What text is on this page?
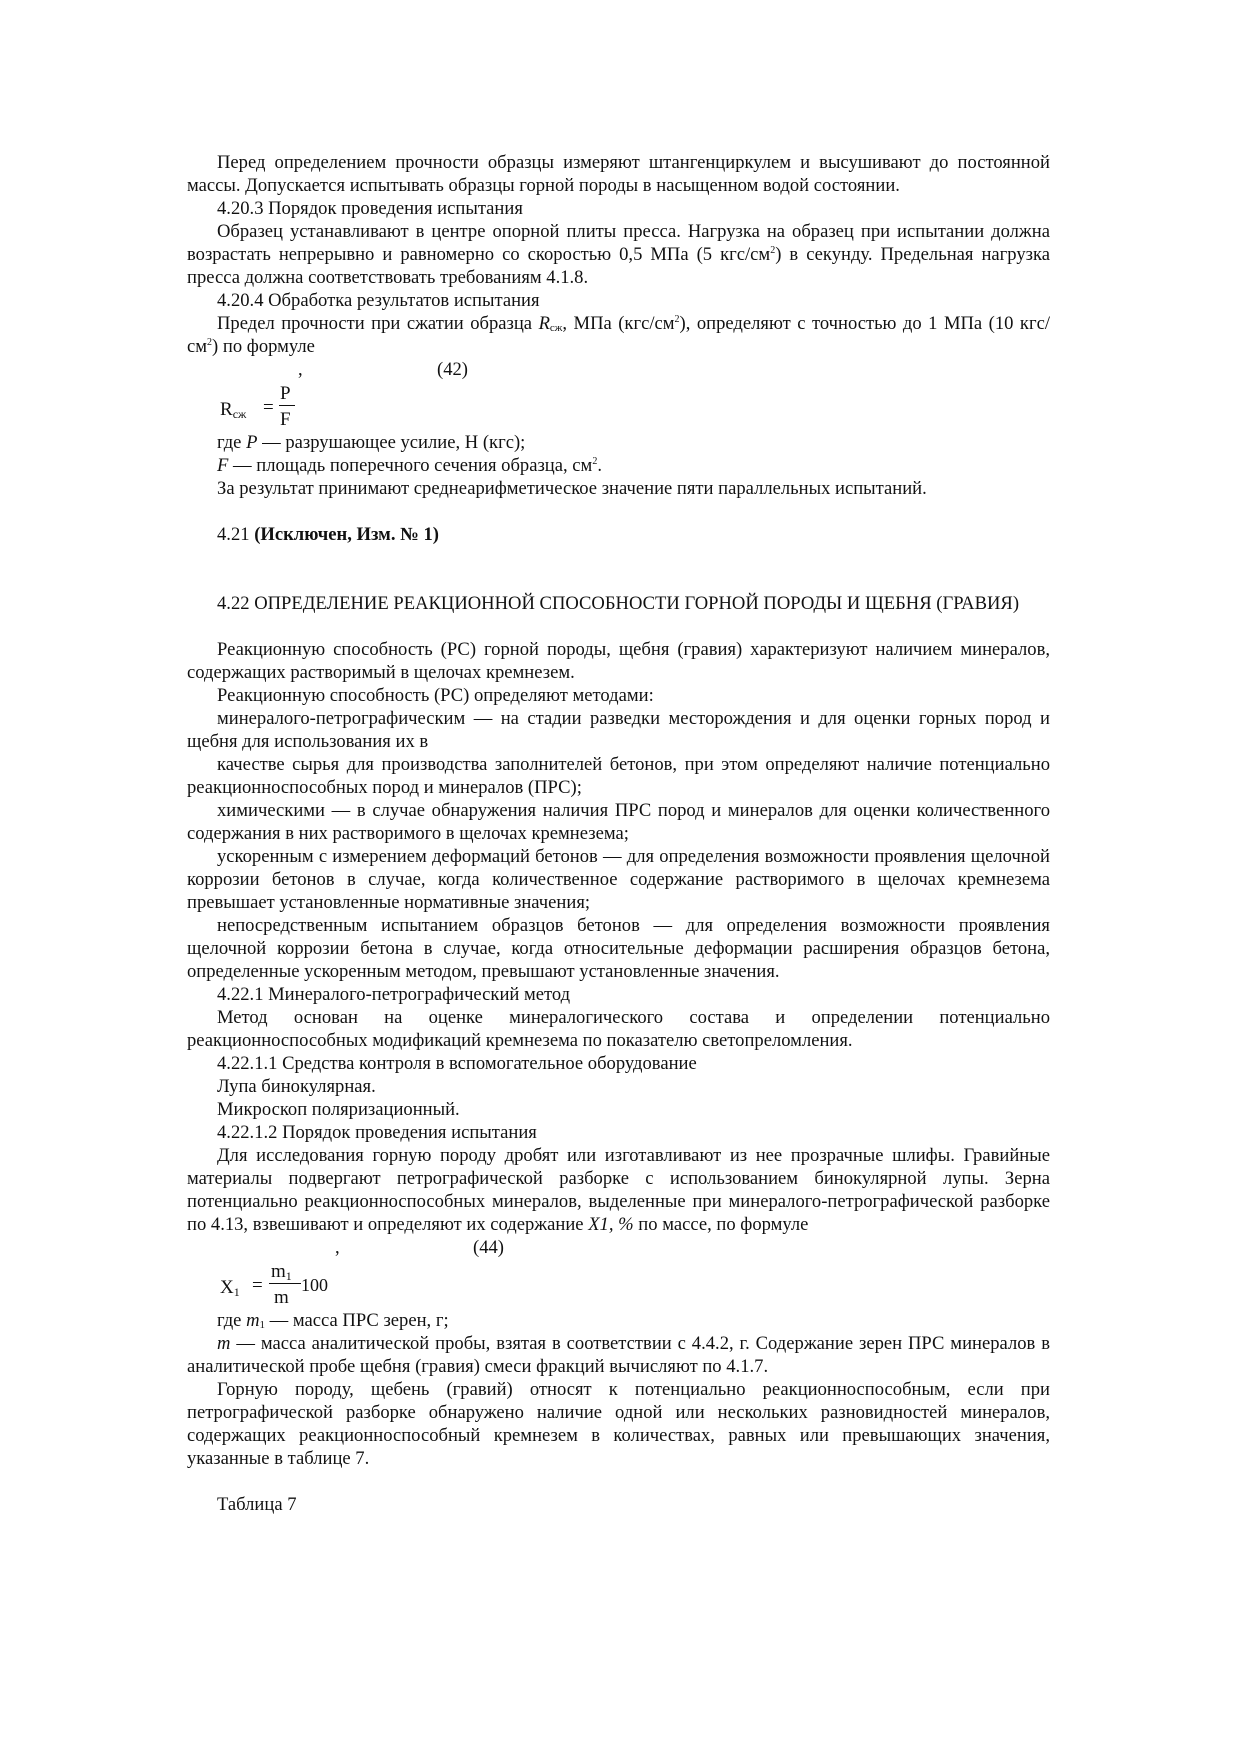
Перед определением прочности образцы измеряют штангенциркулем и высушивают до постоянной массы. Допускается испытывать образцы горной породы в насыщенном водой состоянии.

4.20.3 Порядок проведения испытания

Образец устанавливают в центре опорной плиты пресса. Нагрузка на образец при испытании должна возрастать непрерывно и равномерно со скоростью 0,5 МПа (5 кгс/$см^2$) в секунду. Предельная нагрузка пресса должна соответствовать требованиям 4.1.8.

4.20.4 Обработка результатов испытания

Предел прочности при сжатии образца $R_{сж}$, МПа $(кгс/см^2)$, определяют с точностью до 1 МПа (10 кгс/$см^2$) по формуле

,	(42)
Rсж =
P
F

где P — разрушающее усилие, Н (кгс);

F — площадь поперечного сечения образца, $см^2$.

За результат принимают среднеарифметическое значение пяти параллельных испытаний.

4.21 (Исключен, Изм. № 1)

4.22 ОПРЕДЕЛЕНИЕ РЕАКЦИОННОЙ СПОСОБНОСТИ ГОРНОЙ ПОРОДЫ И ЩЕБНЯ (ГРАВИЯ)

Реакционную способность (РС) горной породы, щебня (гравия) характеризуют наличием минералов, содержащих растворимый в щелочах кремнезем.

Реакционную способность (РС) определяют методами:

минералого-петрографическим — на стадии разведки месторождения и для оценки горных пород и щебня для использования их в

качестве сырья для производства заполнителей бетонов, при этом определяют наличие потенциально реакционноспособных пород и минералов (ПРС);

химическими — в случае обнаружения наличия ПРС пород и минералов для оценки количественного содержания в них растворимого в щелочах кремнезема;

ускоренным с измерением деформаций бетонов — для определения возможности проявления щелочной коррозии бетонов в случае, когда количественное содержание растворимого в щелочах кремнезема превышает установленные нормативные значения;

непосредственным испытанием образцов бетонов — для определения возможности проявления щелочной коррозии бетона в случае, когда относительные деформации расширения образцов бетона, определенные ускоренным методом, превышают установленные значения.

4.22.1 Минералого-петрографический метод

Метод основан на оценке минералогического состава и определении потенциально реакционноспособных модификаций кремнезема по показателю светопреломления.

4.22.1.1 Средства контроля в вспомогательное оборудование

Лупа бинокулярная.

Микроскоп поляризационный.

4.22.1.2 Порядок проведения испытания

Для исследования горную породу дробят или изготавливают из нее прозрачные шлифы. Гравийные материалы подвергают петрографической разборке с использованием бинокулярной лупы. Зерна потенциально реакционноспособных минералов, выделенные при минералого-петрографической разборке по 4.13, взвешивают и определяют их содержание X1, % по массе, по формуле

,	(44)
X1 =
m1
m
100

где $m_1$ — масса ПРС зерен, г;

m — масса аналитической пробы, взятая в соответствии с 4.4.2, г. Содержание зерен ПРС минералов в аналитической пробе щебня (гравия) смеси фракций вычисляют по 4.1.7.

Горную породу, щебень (гравий) относят к потенциально реакционноспособным, если при петрографической разборке обнаружено наличие одной или нескольких разновидностей минералов, содержащих реакционноспособный кремнезем в количествах, равных или превышающих значения, указанные в таблице 7.

Таблица 7
